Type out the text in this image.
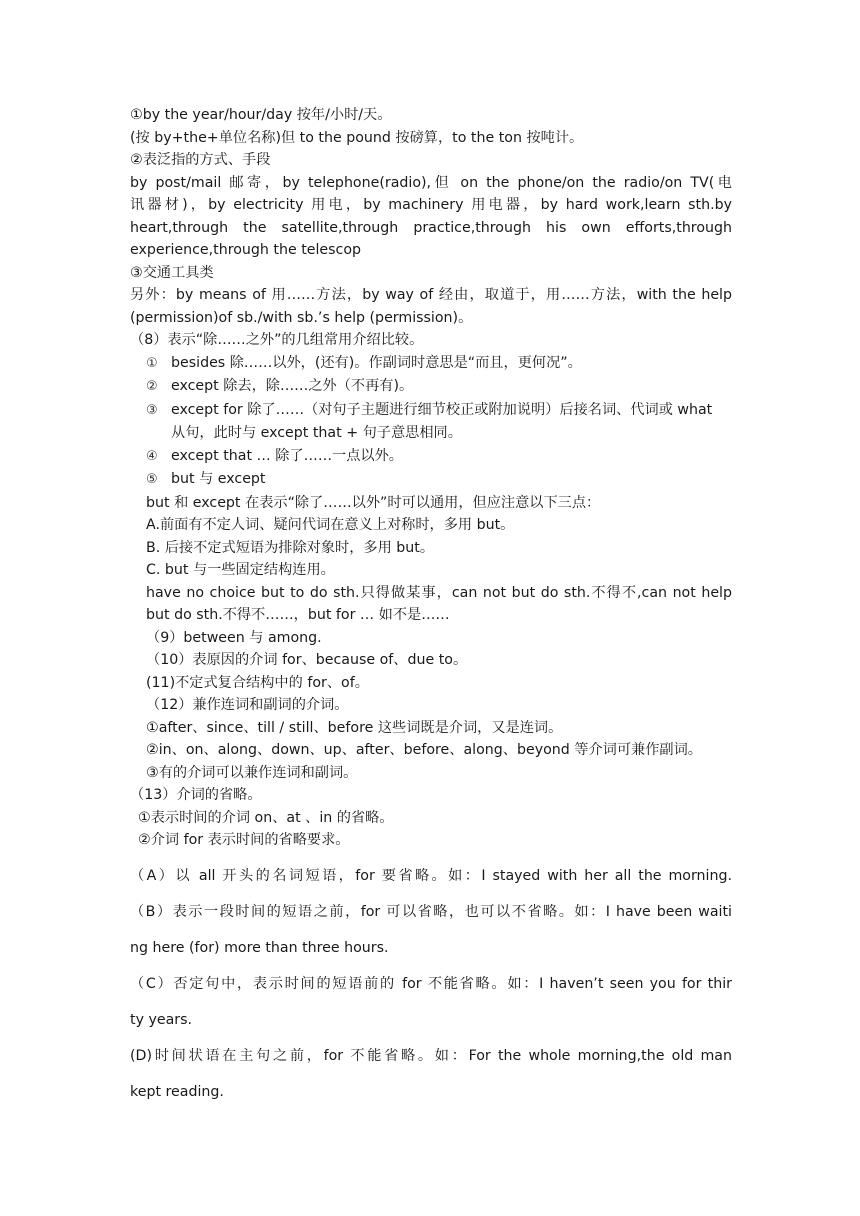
①by the year/hour/day 按年/小时/天。
(按 by+the+单位名称)但 to the pound 按磅算，to the ton 按吨计。
②表泛指的方式、手段
by post/mail 邮寄，by telephone(radio),但 on the phone/on the radio/on TV(电
讯器材)，by electricity 用电，by machinery 用电器，by hard work,learn sth.by
heart,through the satellite,through practice,through his own efforts,through
experience,through the telescop
③交通工具类
另外：by means of 用……方法，by way of 经由，取道于，用……方法，with the help
(permission)of sb./with sb.’s help (permission)。
（8）表示“除……之外”的几组常用介绍比较。
① besides 除……以外，(还有)。作副词时意思是“而且，更何况”。
② except 除去，除……之外（不再有)。
③ except for 除了……（对句子主题进行细节校正或附加说明）后接名词、代词或 what
从句，此时与 except that + 句子意思相同。
④ except that … 除了……一点以外。
⑤ but 与 except
but 和 except 在表示“除了……以外”时可以通用，但应注意以下三点：
A.前面有不定人词、疑问代词在意义上对称时，多用 but。
B. 后接不定式短语为排除对象时，多用 but。
C. but 与一些固定结构连用。
have no choice but to do sth.只得做某事，can not but do sth.不得不,can not help
but do sth.不得不……，but for … 如不是……
（9）between 与 among.
（10）表原因的介词 for、because of、due to。
(11)不定式复合结构中的 for、of。
（12）兼作连词和副词的介词。
①after、since、till / still、before 这些词既是介词，又是连词。
②in、on、along、down、up、after、before、along、beyond 等介词可兼作副词。
③有的介词可以兼作连词和副词。
（13）介词的省略。
①表示时间的介词 on、at 、in 的省略。
②介词 for 表示时间的省略要求。
（A）以 all 开头的名词短语，for 要省略。如：I stayed with her all the morning.
（B）表示一段时间的短语之前，for 可以省略，也可以不省略。如：I have been waiti
ng here (for) more than three hours.
（C）否定句中，表示时间的短语前的 for 不能省略。如：I haven’t seen you for thir
ty years.
(D)时间状语在主句之前，for 不能省略。如：For the whole morning,the old man
kept reading.
